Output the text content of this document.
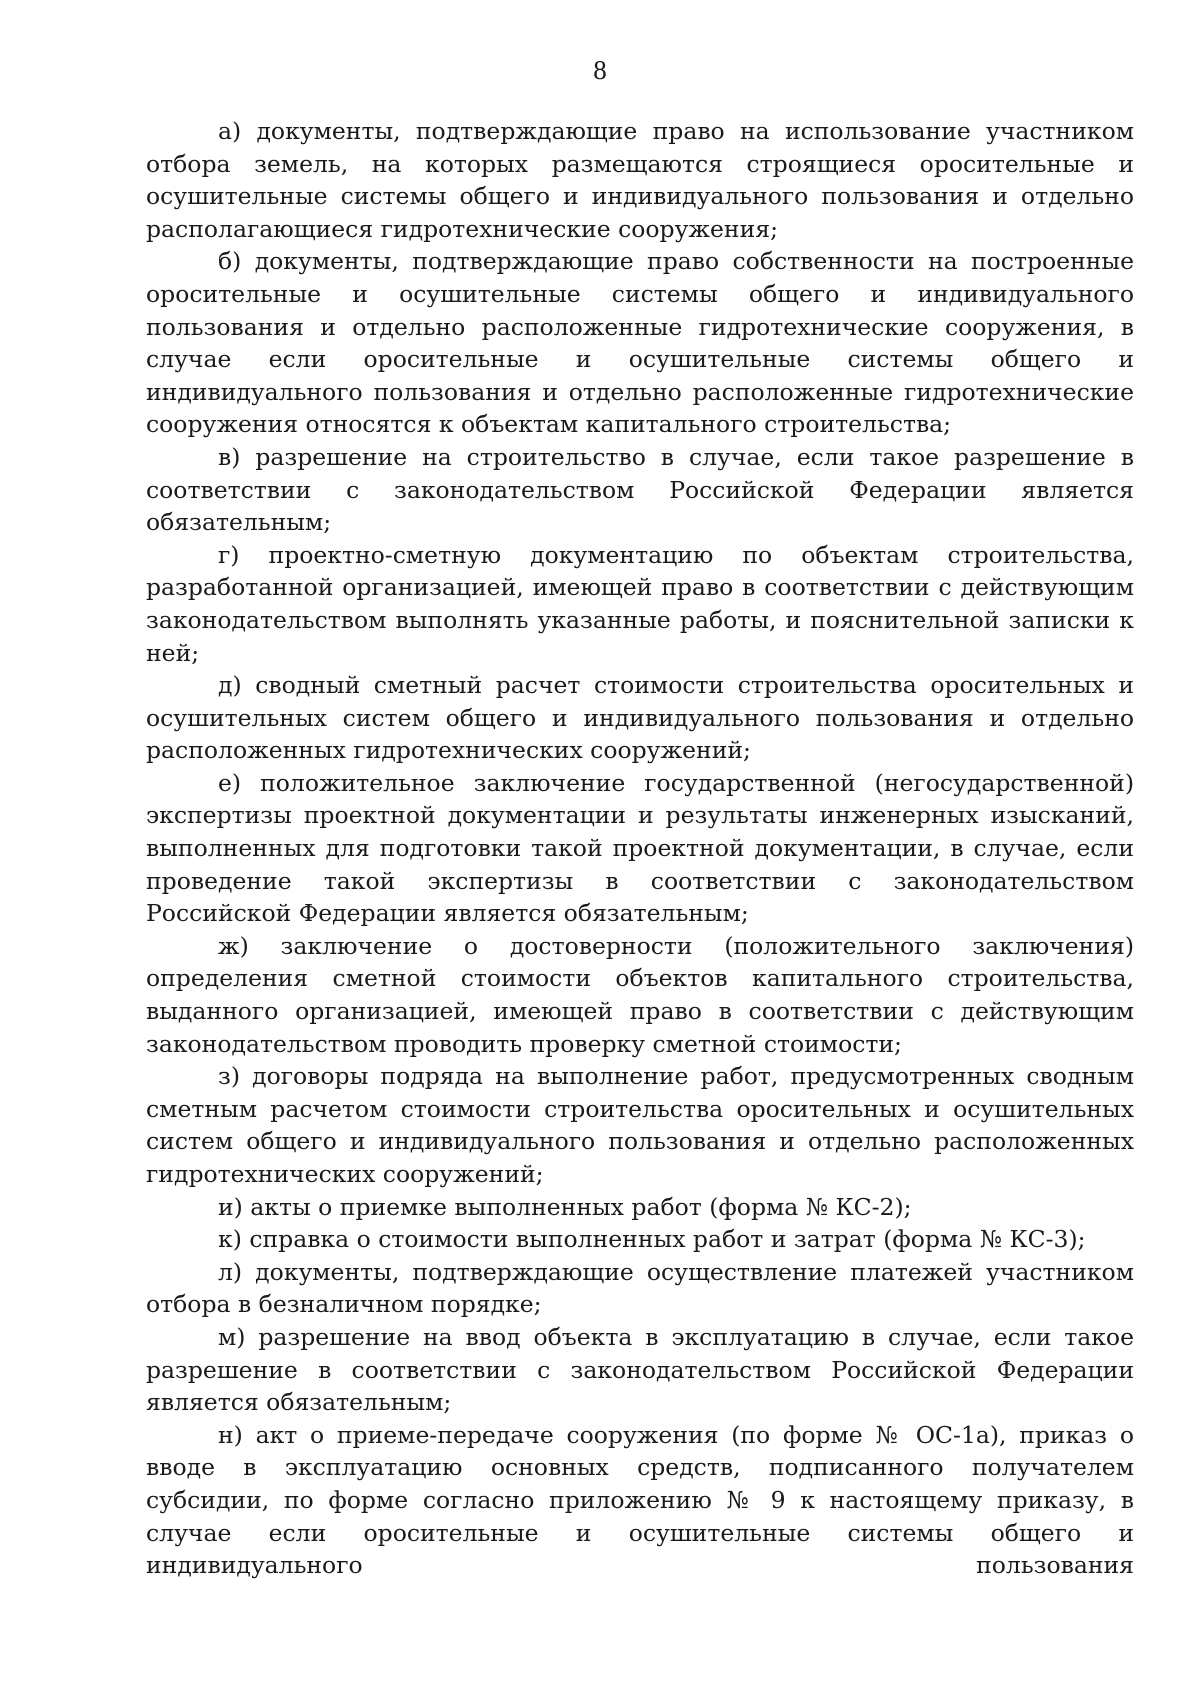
8

а) документы, подтверждающие право на использование участником отбора земель, на которых размещаются строящиеся оросительные и осушительные системы общего и индивидуального пользования и отдельно располагающиеся гидротехнические сооружения;

б) документы, подтверждающие право собственности на построенные оросительные и осушительные системы общего и индивидуального пользования и отдельно расположенные гидротехнические сооружения, в случае если оросительные и осушительные системы общего и индивидуального пользования и отдельно расположенные гидротехнические сооружения относятся к объектам капитального строительства;

в) разрешение на строительство в случае, если такое разрешение в соответствии с законодательством Российской Федерации является обязательным;

г) проектно-сметную документацию по объектам строительства, разработанной организацией, имеющей право в соответствии с действующим законодательством выполнять указанные работы, и пояснительной записки к ней;

д) сводный сметный расчет стоимости строительства оросительных и осушительных систем общего и индивидуального пользования и отдельно расположенных гидротехнических сооружений;

е) положительное заключение государственной (негосударственной) экспертизы проектной документации и результаты инженерных изысканий, выполненных для подготовки такой проектной документации, в случае, если проведение такой экспертизы в соответствии с законодательством Российской Федерации является обязательным;

ж) заключение о достоверности (положительного заключения) определения сметной стоимости объектов капитального строительства, выданного организацией, имеющей право в соответствии с действующим законодательством проводить проверку сметной стоимости;

з) договоры подряда на выполнение работ, предусмотренных сводным сметным расчетом стоимости строительства оросительных и осушительных систем общего и индивидуального пользования и отдельно расположенных гидротехнических сооружений;

и) акты о приемке выполненных работ (форма № КС-2);

к) справка о стоимости выполненных работ и затрат (форма № КС-3);

л) документы, подтверждающие осуществление платежей участником отбора в безналичном порядке;

м) разрешение на ввод объекта в эксплуатацию в случае, если такое разрешение в соответствии с законодательством Российской Федерации является обязательным;

н) акт о приеме-передаче сооружения (по форме № ОС-1а), приказ о вводе в эксплуатацию основных средств, подписанного получателем субсидии, по форме согласно приложению № 9 к настоящему приказу, в случае если оросительные и осушительные системы общего и индивидуального пользования
